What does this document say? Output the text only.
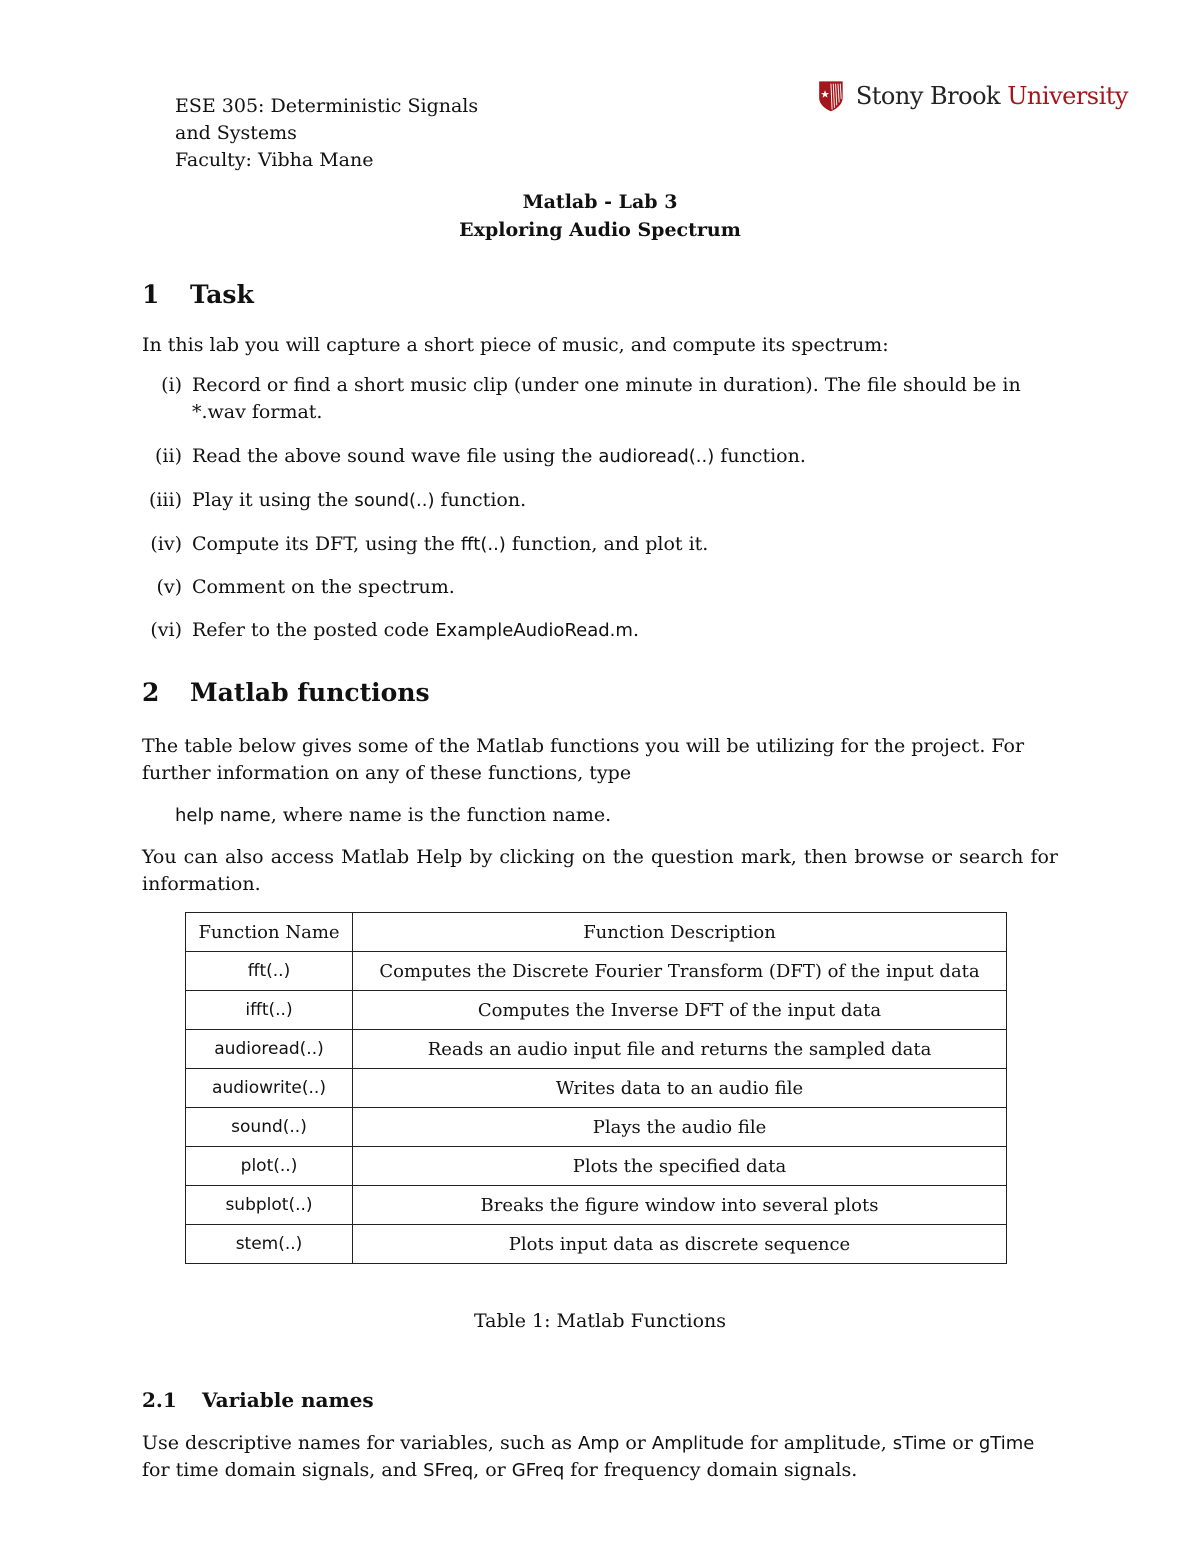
ESE 305: Deterministic Signals
and Systems
Faculty: Vibha Mane
Stony Brook University
Matlab - Lab 3
Exploring Audio Spectrum
1 Task
In this lab you will capture a short piece of music, and compute its spectrum:
(i) Record or find a short music clip (under one minute in duration). The file should be in *.wav format.
(ii) Read the above sound wave file using the audioread(..) function.
(iii) Play it using the sound(..) function.
(iv) Compute its DFT, using the fft(..) function, and plot it.
(v) Comment on the spectrum.
(vi) Refer to the posted code ExampleAudioRead.m.
2 Matlab functions
The table below gives some of the Matlab functions you will be utilizing for the project. For further information on any of these functions, type
help name, where name is the function name.
You can also access Matlab Help by clicking on the question mark, then browse or search for information.
Function Name	Function Description
fft(..)	Computes the Discrete Fourier Transform (DFT) of the input data
ifft(..)	Computes the Inverse DFT of the input data
audioread(..)	Reads an audio input file and returns the sampled data
audiowrite(..)	Writes data to an audio file
sound(..)	Plays the audio file
plot(..)	Plots the specified data
subplot(..)	Breaks the figure window into several plots
stem(..)	Plots input data as discrete sequence
Table 1: Matlab Functions
2.1 Variable names
Use descriptive names for variables, such as Amp or Amplitude for amplitude, sTime or gTime for time domain signals, and SFreq, or GFreq for frequency domain signals.
